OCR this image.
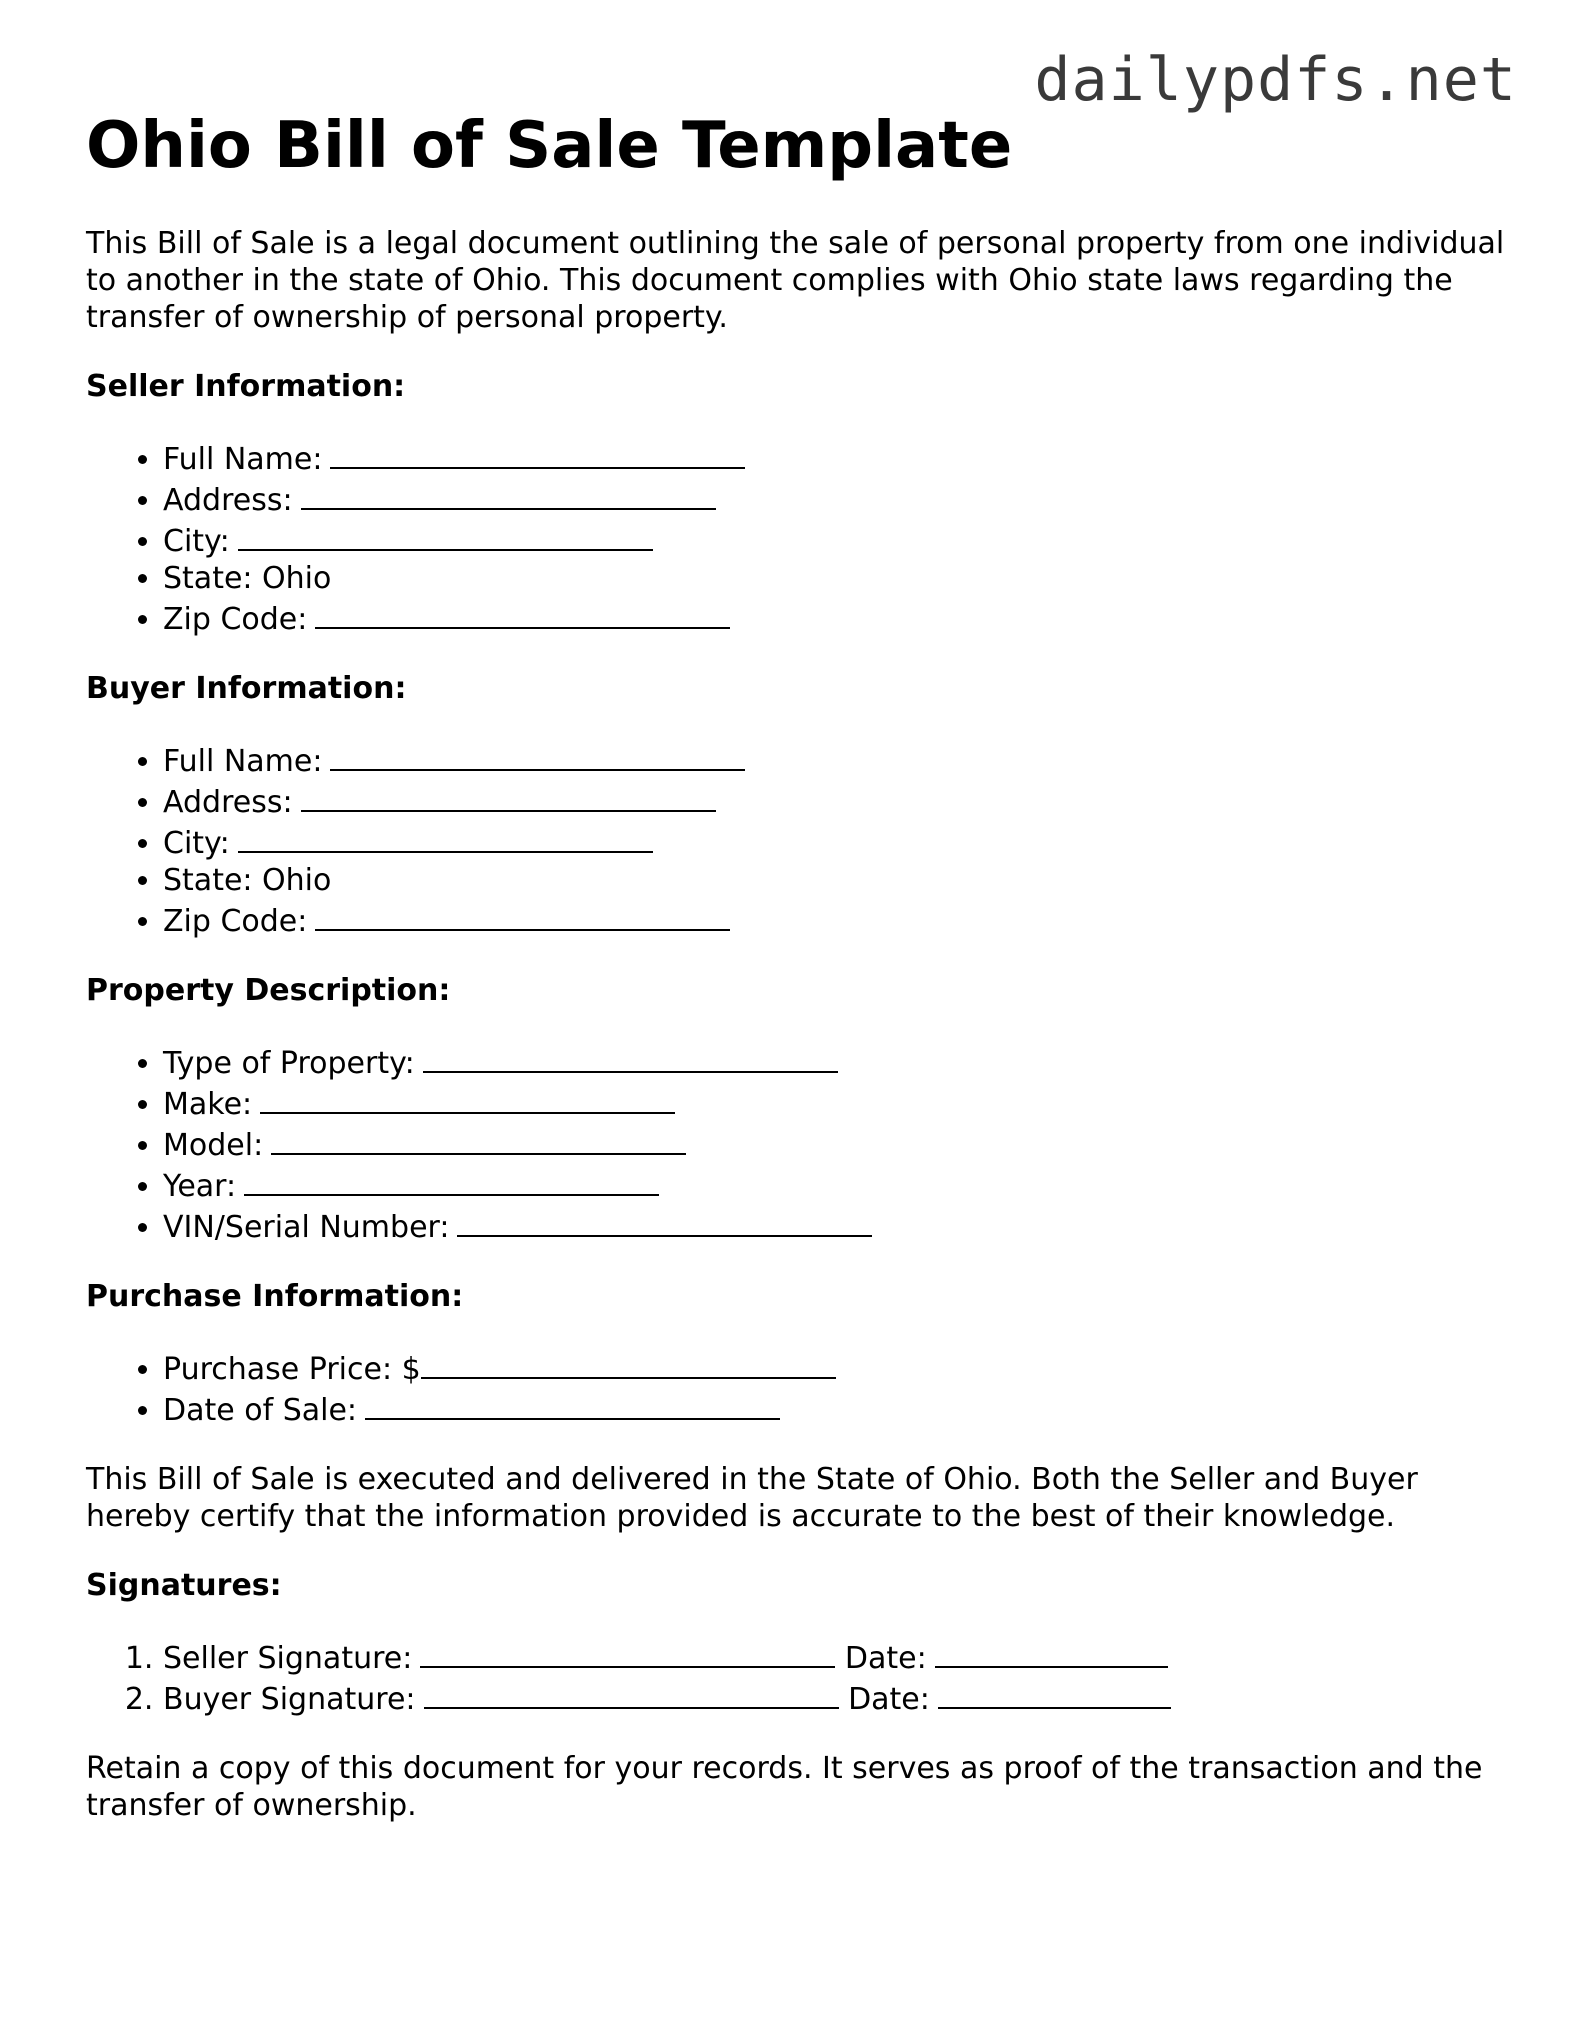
dailypdfs.net
Ohio Bill of Sale Template

This Bill of Sale is a legal document outlining the sale of personal property from one individual to another in the state of Ohio. This document complies with Ohio state laws regarding the transfer of ownership of personal property.

Seller Information:
• Full Name:
• Address:
• City:
• State: Ohio
• Zip Code:
Buyer Information:
• Full Name:
• Address:
• City:
• State: Ohio
• Zip Code:
Property Description:
• Type of Property:
• Make:
• Model:
• Year:
• VIN/Serial Number:
Purchase Information:
• Purchase Price: $
• Date of Sale:

This Bill of Sale is executed and delivered in the State of Ohio. Both the Seller and Buyer hereby certify that the information provided is accurate to the best of their knowledge.

Signatures:
1. Seller Signature:	Date:
2. Buyer Signature:	Date:

Retain a copy of this document for your records. It serves as proof of the transaction and the transfer of ownership.
